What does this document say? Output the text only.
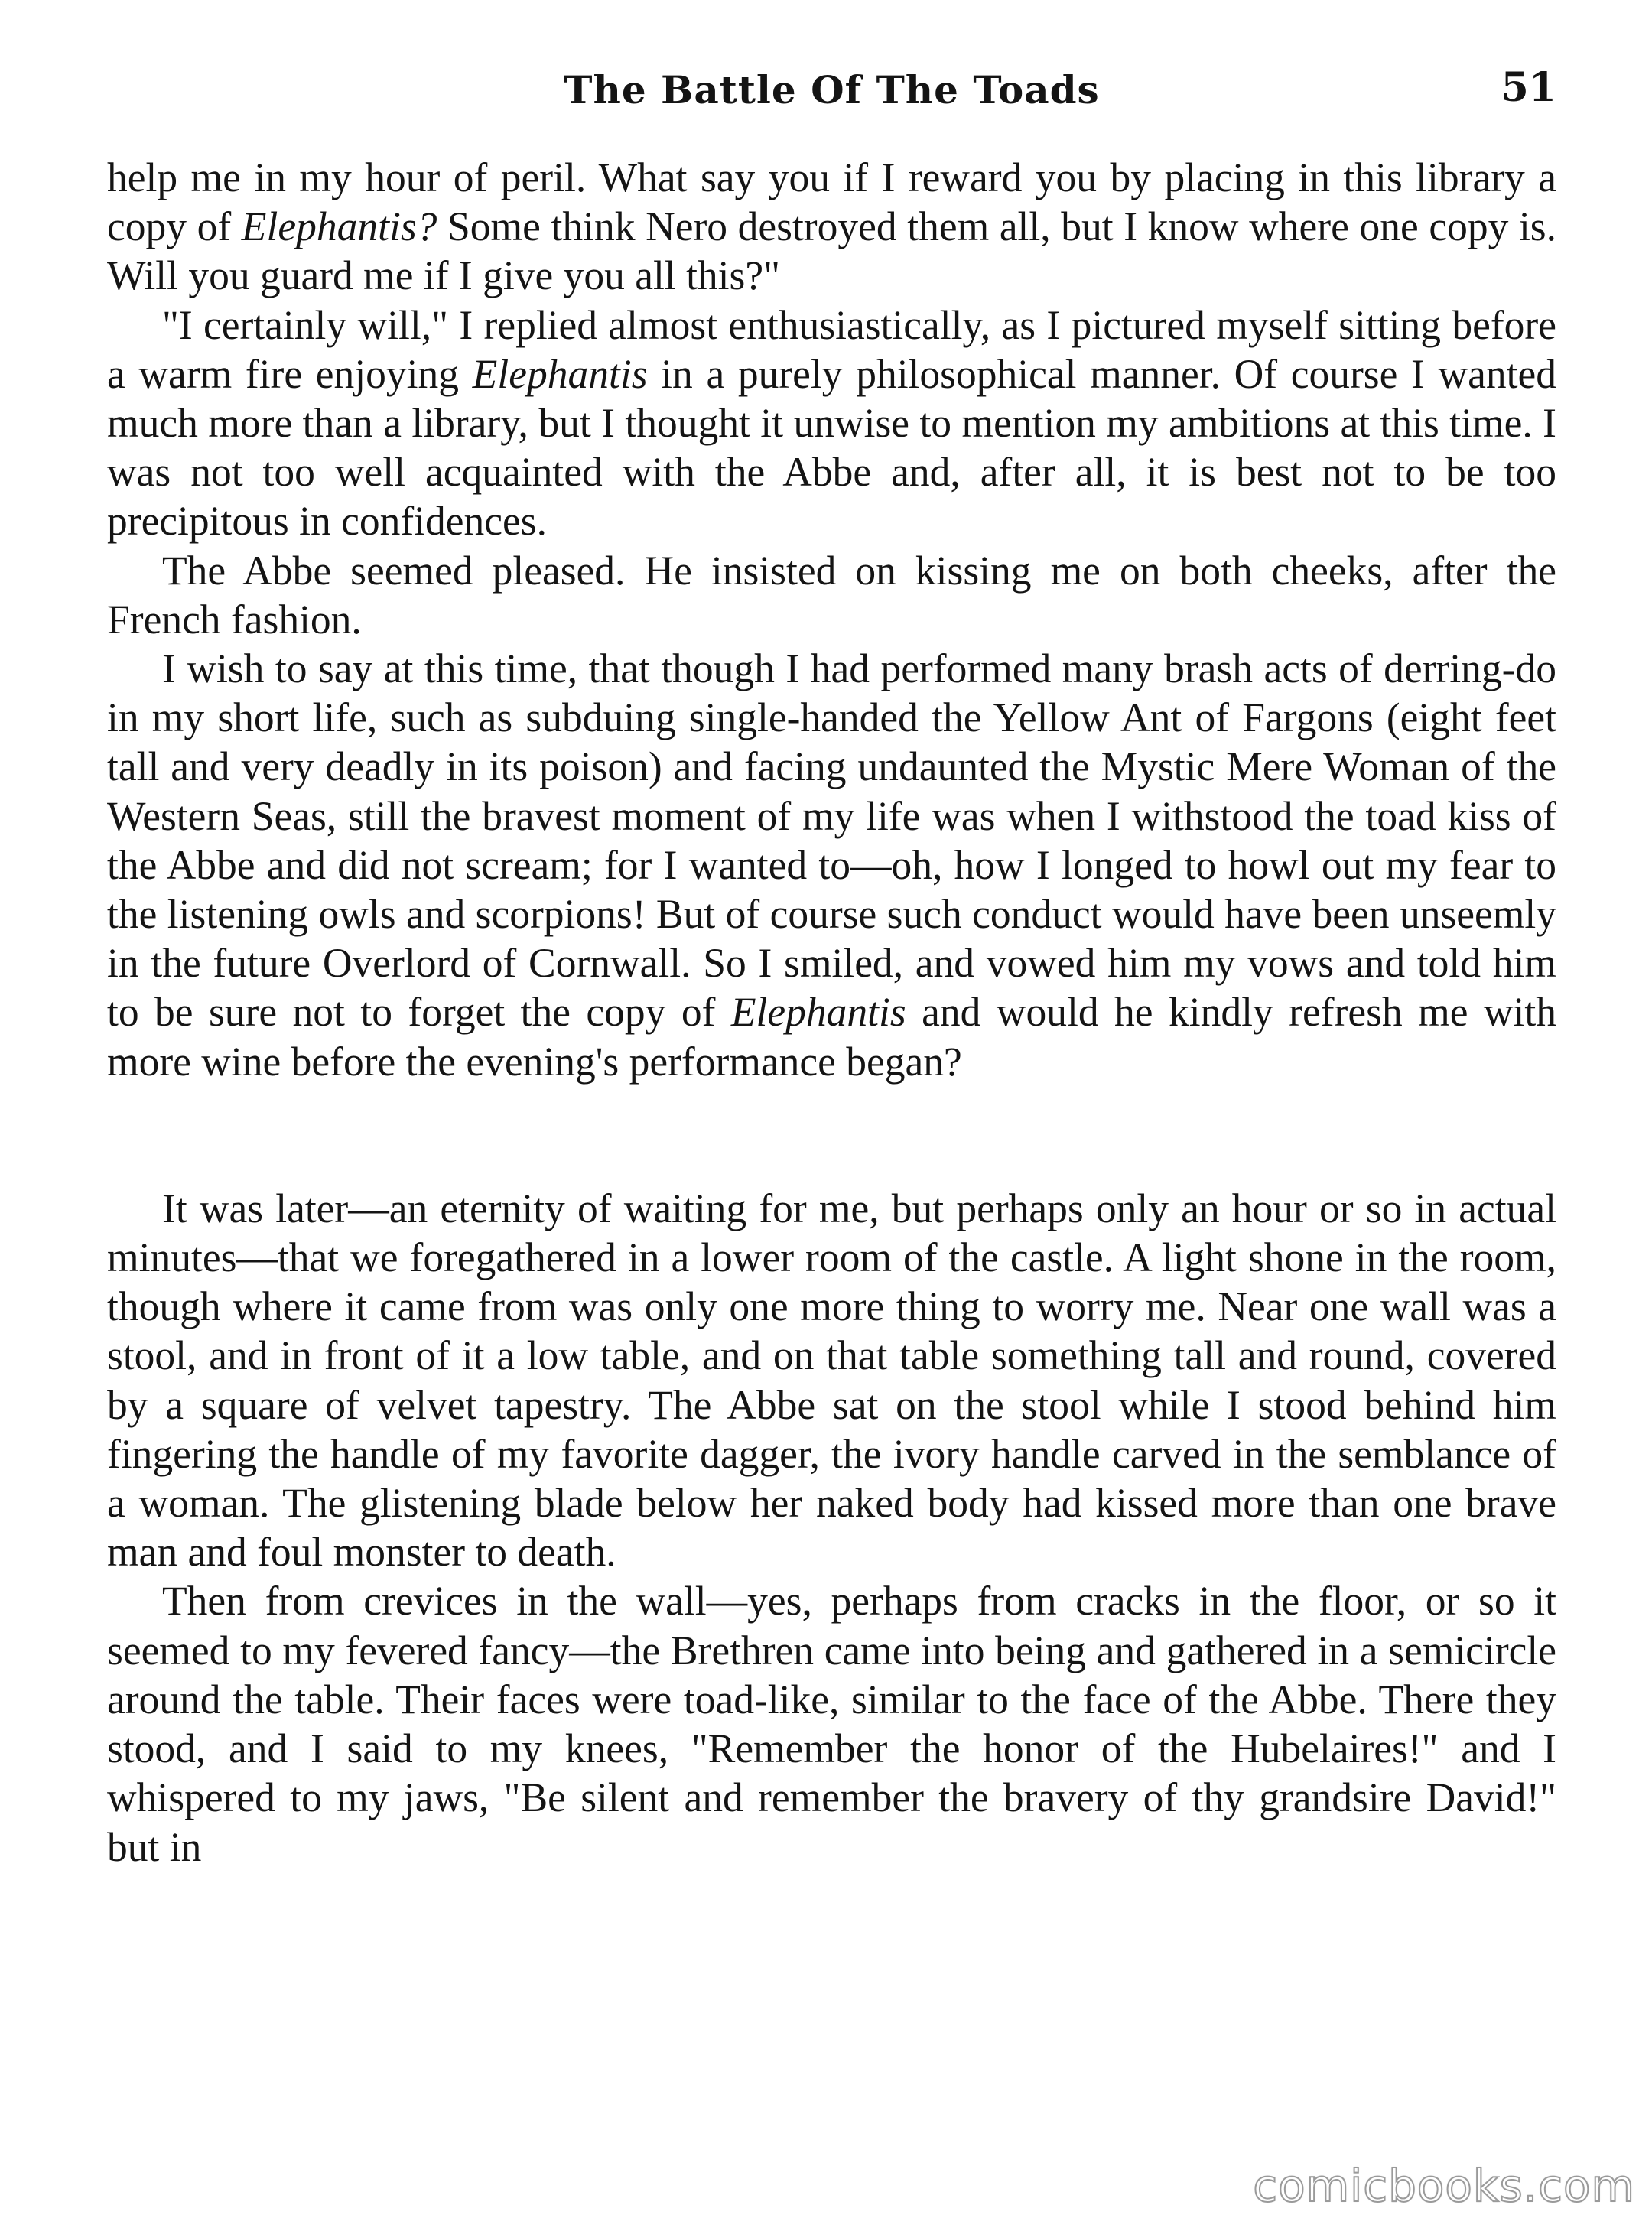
The Battle Of The Toads	51

help me in my hour of peril. What say you if I reward you by placing in this library a copy of Elephantis? Some think Nero destroyed them all, but I know where one copy is. Will you guard me if I give you all this?"

"I certainly will," I replied almost enthusiastically, as I pictured myself sitting before a warm fire enjoying Elephantis in a purely philosophical manner. Of course I wanted much more than a library, but I thought it unwise to mention my ambitions at this time. I was not too well acquainted with the Abbe and, after all, it is best not to be too precipitous in confidences.

The Abbe seemed pleased. He insisted on kissing me on both cheeks, after the French fashion.

I wish to say at this time, that though I had performed many brash acts of derring-do in my short life, such as subduing single-handed the Yellow Ant of Fargons (eight feet tall and very deadly in its poison) and facing undaunted the Mystic Mere Woman of the Western Seas, still the bravest moment of my life was when I withstood the toad kiss of the Abbe and did not scream; for I wanted to—oh, how I longed to howl out my fear to the listening owls and scorpions! But of course such conduct would have been unseemly in the future Overlord of Cornwall. So I smiled, and vowed him my vows and told him to be sure not to forget the copy of Elephantis and would he kindly refresh me with more wine before the evening's performance began?

It was later—an eternity of waiting for me, but perhaps only an hour or so in actual minutes—that we foregathered in a lower room of the castle. A light shone in the room, though where it came from was only one more thing to worry me. Near one wall was a stool, and in front of it a low table, and on that table something tall and round, covered by a square of velvet tapestry. The Abbe sat on the stool while I stood behind him fingering the handle of my favorite dagger, the ivory handle carved in the semblance of a woman. The glistening blade below her naked body had kissed more than one brave man and foul monster to death.

Then from crevices in the wall—yes, perhaps from cracks in the floor, or so it seemed to my fevered fancy—the Brethren came into being and gathered in a semicircle around the table. Their faces were toad-like, similar to the face of the Abbe. There they stood, and I said to my knees, "Remember the honor of the Hubelaires!" and I whispered to my jaws, "Be silent and remember the bravery of thy grandsire David!" but in

comicbooks.com
